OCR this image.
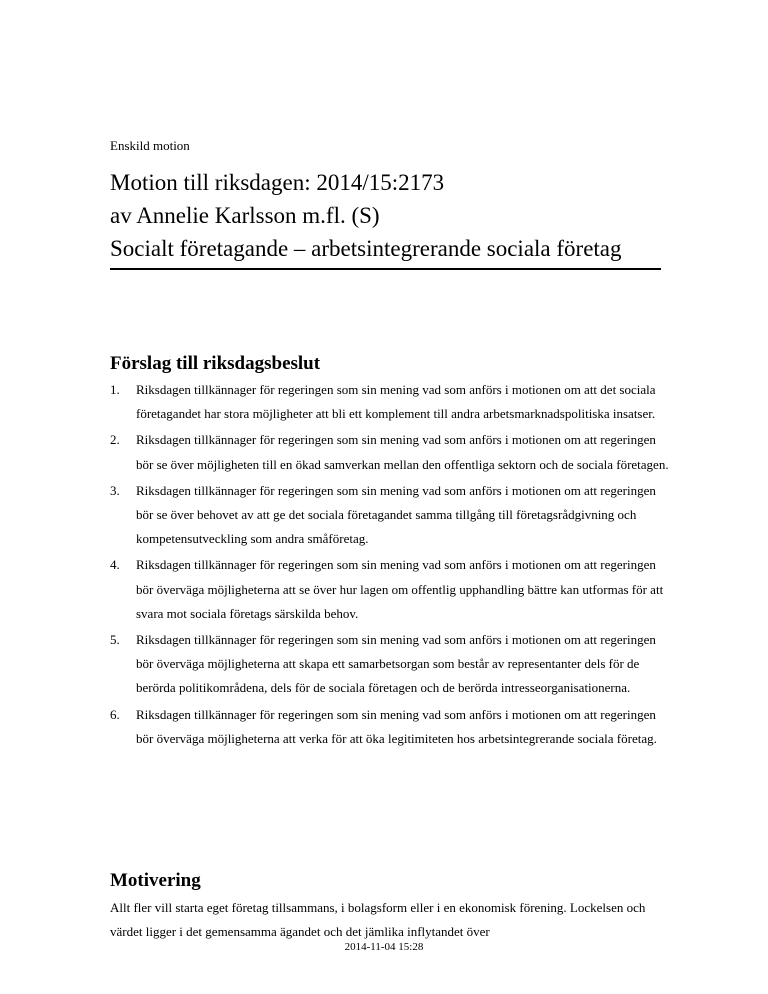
Enskild motion
Motion till riksdagen: 2014/15:2173
av Annelie Karlsson m.fl. (S)
Socialt företagande – arbetsintegrerande sociala företag
Förslag till riksdagsbeslut
1. Riksdagen tillkännager för regeringen som sin mening vad som anförs i motionen om att det sociala företagandet har stora möjligheter att bli ett komplement till andra arbetsmarknadspolitiska insatser.
2. Riksdagen tillkännager för regeringen som sin mening vad som anförs i motionen om att regeringen bör se över möjligheten till en ökad samverkan mellan den offentliga sektorn och de sociala företagen.
3. Riksdagen tillkännager för regeringen som sin mening vad som anförs i motionen om att regeringen bör se över behovet av att ge det sociala företagandet samma tillgång till företagsrådgivning och kompetensutveckling som andra småföretag.
4. Riksdagen tillkännager för regeringen som sin mening vad som anförs i motionen om att regeringen bör överväga möjligheterna att se över hur lagen om offentlig upphandling bättre kan utformas för att svara mot sociala företags särskilda behov.
5. Riksdagen tillkännager för regeringen som sin mening vad som anförs i motionen om att regeringen bör överväga möjligheterna att skapa ett samarbetsorgan som består av representanter dels för de berörda politikområdena, dels för de sociala företagen och de berörda intresseorganisationerna.
6. Riksdagen tillkännager för regeringen som sin mening vad som anförs i motionen om att regeringen bör överväga möjligheterna att verka för att öka legitimiteten hos arbetsintegrerande sociala företag.
Motivering

Allt fler vill starta eget företag tillsammans, i bolagsform eller i en ekonomisk förening. Lockelsen och värdet ligger i det gemensamma ägandet och det jämlika inflytandet över

2014-11-04 15:28
